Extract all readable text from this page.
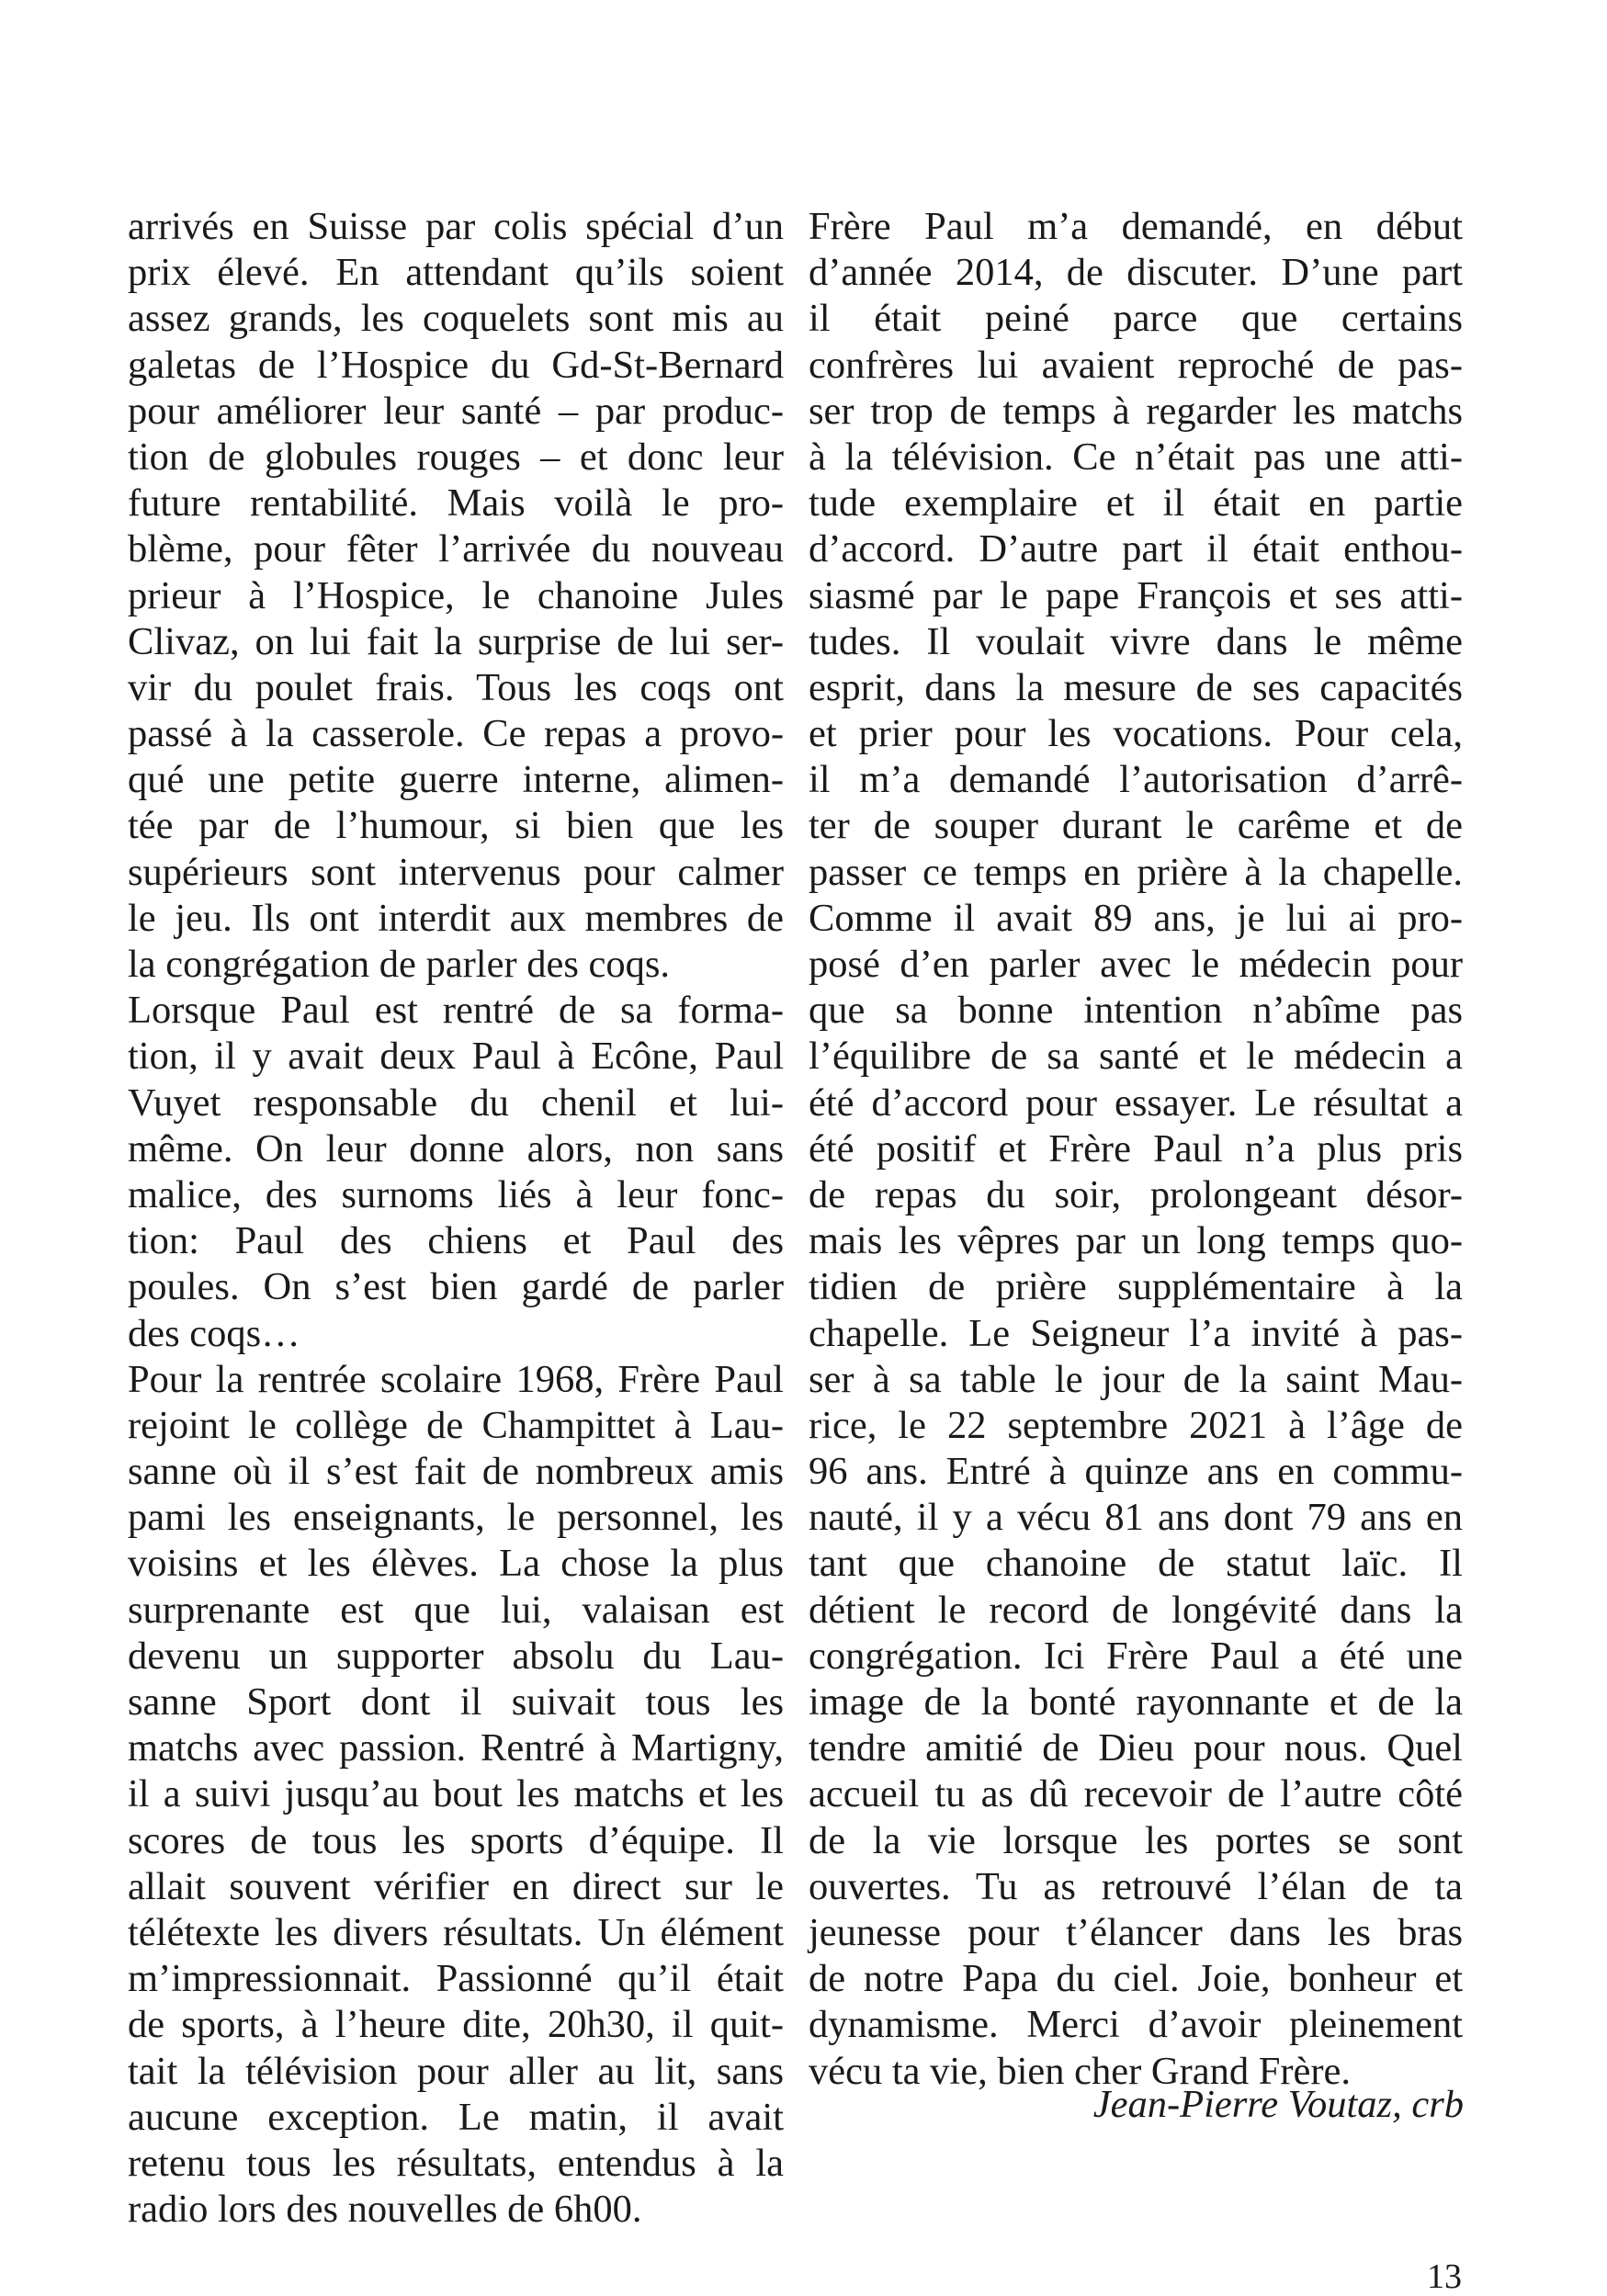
arrivés en Suisse par colis spécial d’un
prix élevé. En attendant qu’ils soient
assez grands, les coquelets sont mis au
galetas de l’Hospice du Gd-St-Bernard
pour améliorer leur santé – par produc-
tion de globules rouges – et donc leur
future rentabilité. Mais voilà le pro-
blème, pour fêter l’arrivée du nouveau
prieur à l’Hospice, le chanoine Jules
Clivaz, on lui fait la surprise de lui ser-
vir du poulet frais. Tous les coqs ont
passé à la casserole. Ce repas a provo-
qué une petite guerre interne, alimen-
tée par de l’humour, si bien que les
supérieurs sont intervenus pour calmer
le jeu. Ils ont interdit aux membres de
la congrégation de parler des coqs.
Lorsque Paul est rentré de sa forma-
tion, il y avait deux Paul à Ecône, Paul
Vuyet responsable du chenil et lui-
même. On leur donne alors, non sans
malice, des surnoms liés à leur fonc-
tion: Paul des chiens et Paul des
poules. On s’est bien gardé de parler
des coqs…
Pour la rentrée scolaire 1968, Frère Paul
rejoint le collège de Champittet à Lau-
sanne où il s’est fait de nombreux amis
pami les enseignants, le personnel, les
voisins et les élèves. La chose la plus
surprenante est que lui, valaisan est
devenu un supporter absolu du Lau-
sanne Sport dont il suivait tous les
matchs avec passion. Rentré à Martigny,
il a suivi jusqu’au bout les matchs et les
scores de tous les sports d’équipe. Il
allait souvent vérifier en direct sur le
télétexte les divers résultats. Un élément
m’impressionnait. Passionné qu’il était
de sports, à l’heure dite, 20h30, il quit-
tait la télévision pour aller au lit, sans
aucune exception. Le matin, il avait
retenu tous les résultats, entendus à la
radio lors des nouvelles de 6h00.
Frère Paul m’a demandé, en début
d’année 2014, de discuter. D’une part
il était peiné parce que certains
confrères lui avaient reproché de pas-
ser trop de temps à regarder les matchs
à la télévision. Ce n’était pas une atti-
tude exemplaire et il était en partie
d’accord. D’autre part il était enthou-
siasmé par le pape François et ses atti-
tudes. Il voulait vivre dans le même
esprit, dans la mesure de ses capacités
et prier pour les vocations. Pour cela,
il m’a demandé l’autorisation d’arrê-
ter de souper durant le carême et de
passer ce temps en prière à la chapelle.
Comme il avait 89 ans, je lui ai pro-
posé d’en parler avec le médecin pour
que sa bonne intention n’abîme pas
l’équilibre de sa santé et le médecin a
été d’accord pour essayer. Le résultat a
été positif et Frère Paul n’a plus pris
de repas du soir, prolongeant désor-
mais les vêpres par un long temps quo-
tidien de prière supplémentaire à la
chapelle. Le Seigneur l’a invité à pas-
ser à sa table le jour de la saint Mau-
rice, le 22 septembre 2021 à l’âge de
96 ans. Entré à quinze ans en commu-
nauté, il y a vécu 81 ans dont 79 ans en
tant que chanoine de statut laïc. Il
détient le record de longévité dans la
congrégation. Ici Frère Paul a été une
image de la bonté rayonnante et de la
tendre amitié de Dieu pour nous. Quel
accueil tu as dû recevoir de l’autre côté
de la vie lorsque les portes se sont
ouvertes. Tu as retrouvé l’élan de ta
jeunesse pour t’élancer dans les bras
de notre Papa du ciel. Joie, bonheur et
dynamisme. Merci d’avoir pleinement
vécu ta vie, bien cher Grand Frère.
Jean-Pierre Voutaz, crb
13
